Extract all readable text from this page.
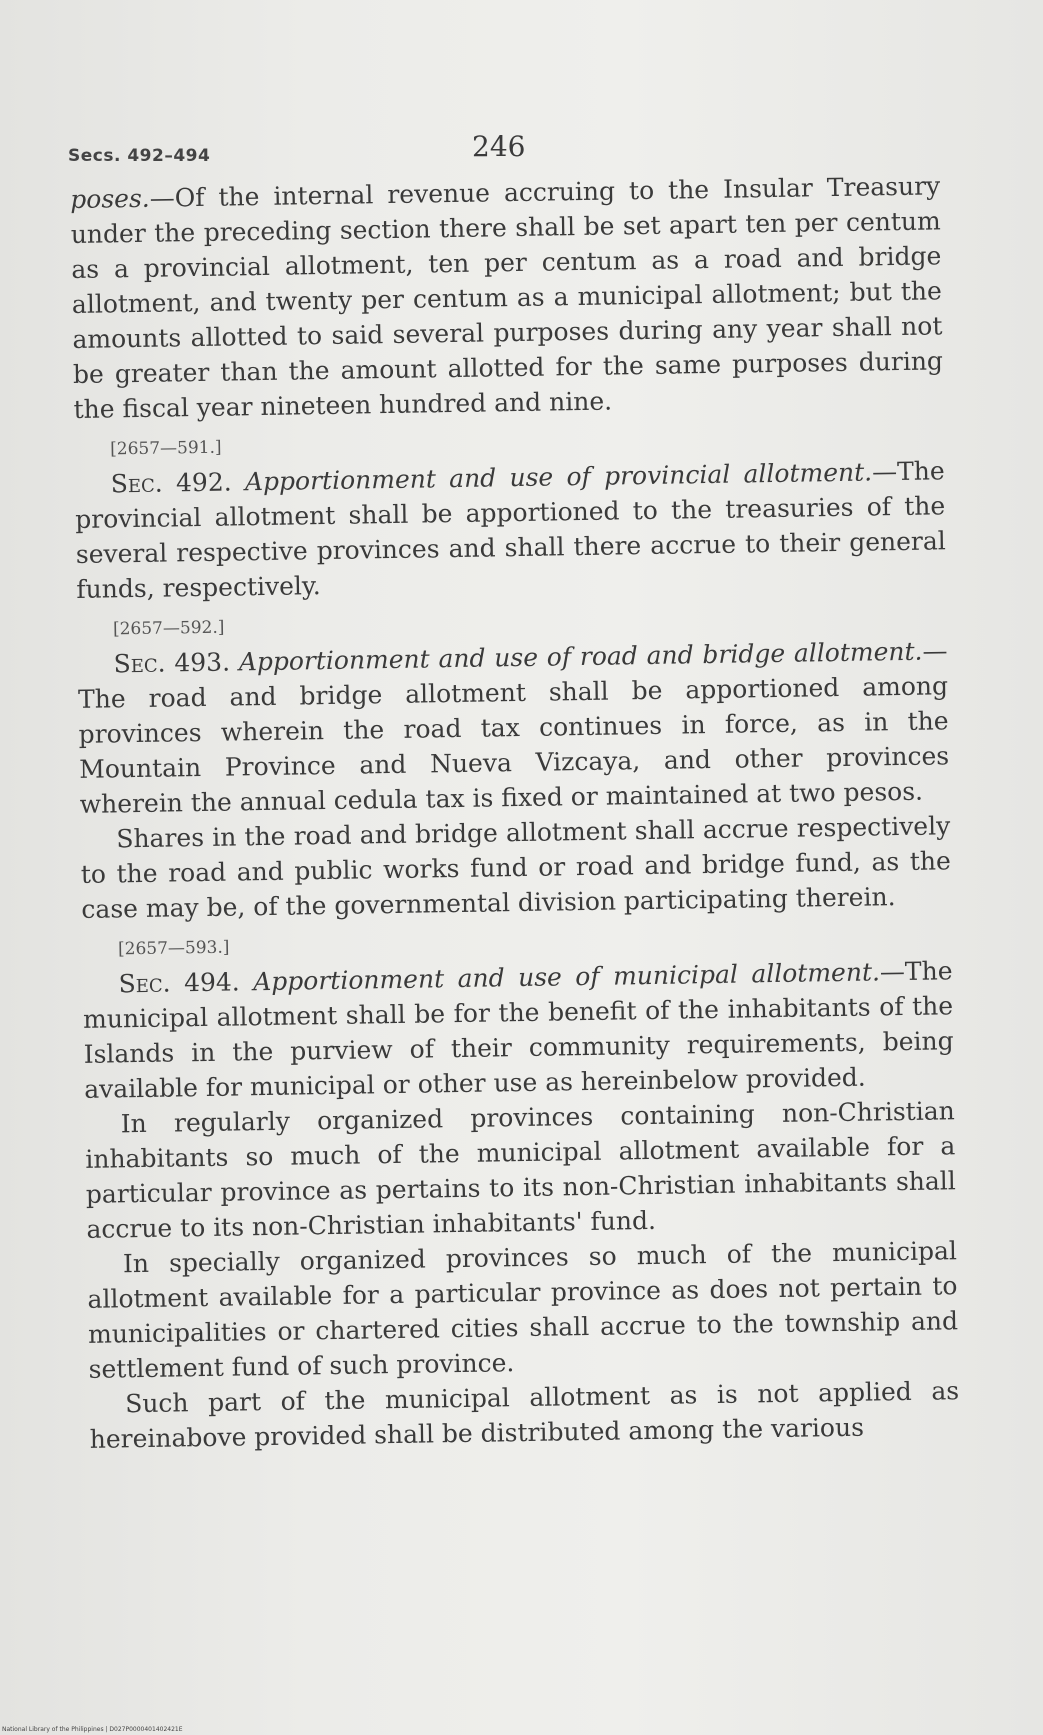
Secs. 492–494	246

poses.—Of the internal revenue accruing to the Insular Treasury under the preceding section there shall be set apart ten per centum as a provincial allotment, ten per centum as a road and bridge allotment, and twenty per centum as a municipal allotment; but the amounts allotted to said several purposes during any year shall not be greater than the amount allotted for the same purposes during the fiscal year nineteen hundred and nine.

[2657—591.]

Sec. 492. Apportionment and use of provincial allotment.—The provincial allotment shall be apportioned to the treasuries of the several respective provinces and shall there accrue to their general funds, respectively.

[2657—592.]

Sec. 493. Apportionment and use of road and bridge allotment.—The road and bridge allotment shall be apportioned among provinces wherein the road tax continues in force, as in the Mountain Province and Nueva Vizcaya, and other provinces wherein the annual cedula tax is fixed or maintained at two pesos.

Shares in the road and bridge allotment shall accrue respectively to the road and public works fund or road and bridge fund, as the case may be, of the governmental division participating therein.

[2657—593.]

Sec. 494. Apportionment and use of municipal allotment.—The municipal allotment shall be for the benefit of the inhabitants of the Islands in the purview of their community requirements, being available for municipal or other use as hereinbelow provided.

In regularly organized provinces containing non-Christian inhabitants so much of the municipal allotment available for a particular province as pertains to its non-Christian inhabitants shall accrue to its non-Christian inhabitants' fund.

In specially organized provinces so much of the municipal allotment available for a particular province as does not pertain to municipalities or chartered cities shall accrue to the township and settlement fund of such province.

Such part of the municipal allotment as is not applied as hereinabove provided shall be distributed among the various

National Library of the Philippines | D027P0000401402421E
